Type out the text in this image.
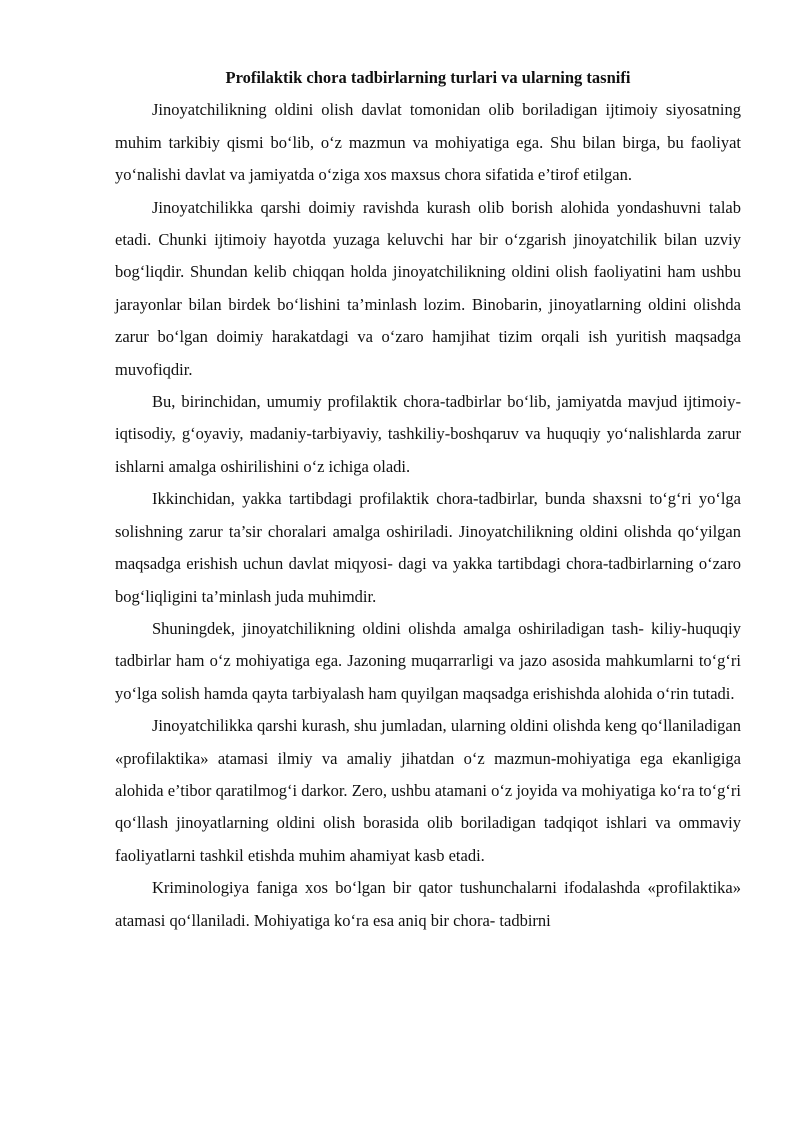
Profilaktik chora tadbirlarning turlari va ularning tasnifi

Jinoyatchilikning oldini olish davlat tomonidan olib boriladigan ijtimoiy siyosatning muhim tarkibiy qismi bo‘lib, o‘z mazmun va mohiyatiga ega. Shu bilan birga, bu faoliyat yo‘nalishi davlat va jamiyatda o‘ziga xos maxsus chora sifatida e’tirof etilgan.

Jinoyatchilikka qarshi doimiy ravishda kurash olib borish alohida yondashuvni talab etadi. Chunki ijtimoiy hayotda yuzaga keluvchi har bir o‘zgarish jinoyatchilik bilan uzviy bog‘liqdir. Shundan kelib chiqqan holda jinoyatchilikning oldini olish faoliyatini ham ushbu jarayonlar bilan birdek bo‘lishini ta’minlash lozim. Binobarin, jinoyatlarning oldini olishda zarur bo‘lgan doimiy harakatdagi va o‘zaro hamjihat tizim orqali ish yuritish maqsadga muvofiqdir.

Bu, birinchidan, umumiy profilaktik chora-tadbirlar bo‘lib, jamiyatda mavjud ijtimoiy-iqtisodiy, g‘oyaviy, madaniy-tarbiyaviy, tashkiliy-boshqaruv va huquqiy yo‘nalishlarda zarur ishlarni amalga oshirilishini o‘z ichiga oladi.

Ikkinchidan, yakka tartibdagi profilaktik chora-tadbirlar, bunda shaxsni to‘g‘ri yo‘lga solishning zarur ta’sir choralari amalga oshiriladi. Jinoyatchilikning oldini olishda qo‘yilgan maqsadga erishish uchun davlat miqyosi- dagi va yakka tartibdagi chora-tadbirlarning o‘zaro bog‘liqligini ta’minlash juda muhimdir.

Shuningdek, jinoyatchilikning oldini olishda amalga oshiriladigan tash- kiliy-huquqiy tadbirlar ham o‘z mohiyatiga ega. Jazoning muqarrarligi va jazo asosida mahkumlarni to‘g‘ri yo‘lga solish hamda qayta tarbiyalash ham quyilgan maqsadga erishishda alohida o‘rin tutadi.

Jinoyatchilikka qarshi kurash, shu jumladan, ularning oldini olishda keng qo‘llaniladigan «profilaktika» atamasi ilmiy va amaliy jihatdan o‘z mazmun-mohiyatiga ega ekanligiga alohida e’tibor qaratilmog‘i darkor. Zero, ushbu atamani o‘z joyida va mohiyatiga ko‘ra to‘g‘ri qo‘llash jinoyatlarning oldini olish borasida olib boriladigan tadqiqot ishlari va ommaviy faoliyatlarni tashkil etishda muhim ahamiyat kasb etadi.

Kriminologiya faniga xos bo‘lgan bir qator tushunchalarni ifodalashda «profilaktika» atamasi qo‘llaniladi. Mohiyatiga ko‘ra esa aniq bir chora- tadbirni
